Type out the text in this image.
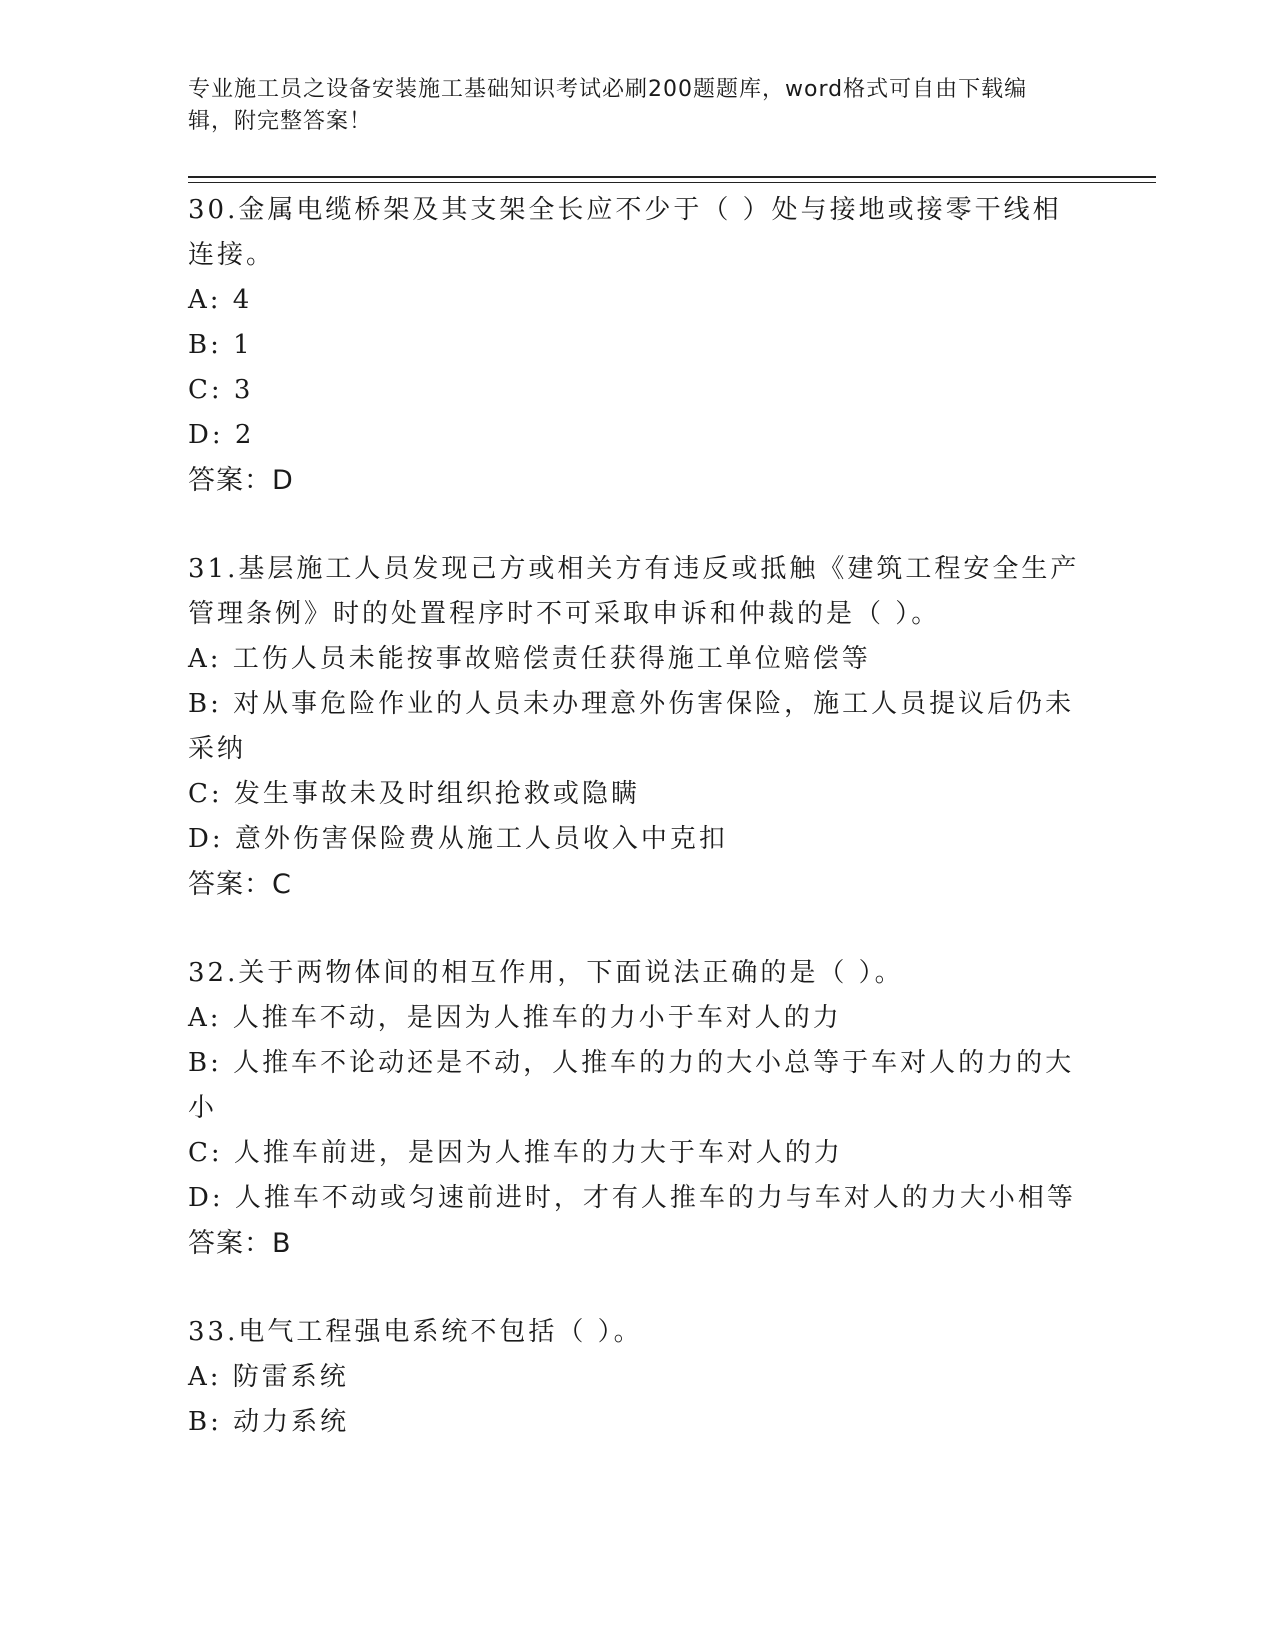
专业施工员之设备安装施工基础知识考试必刷200题题库，word格式可自由下载编辑，附完整答案！

30.金属电缆桥架及其支架全长应不少于（ ）处与接地或接零干线相连接。

A: 4

B: 1

C: 3

D: 2

答案：D

31.基层施工人员发现己方或相关方有违反或抵触《建筑工程安全生产管理条例》时的处置程序时不可采取申诉和仲裁的是（ ）。

A: 工伤人员未能按事故赔偿责任获得施工单位赔偿等

B: 对从事危险作业的人员未办理意外伤害保险，施工人员提议后仍未采纳

C: 发生事故未及时组织抢救或隐瞒

D: 意外伤害保险费从施工人员收入中克扣

答案：C

32.关于两物体间的相互作用，下面说法正确的是（ ）。

A: 人推车不动，是因为人推车的力小于车对人的力

B: 人推车不论动还是不动，人推车的力的大小总等于车对人的力的大小

C: 人推车前进，是因为人推车的力大于车对人的力

D: 人推车不动或匀速前进时，才有人推车的力与车对人的力大小相等

答案：B

33.电气工程强电系统不包括（ ）。

A: 防雷系统

B: 动力系统
